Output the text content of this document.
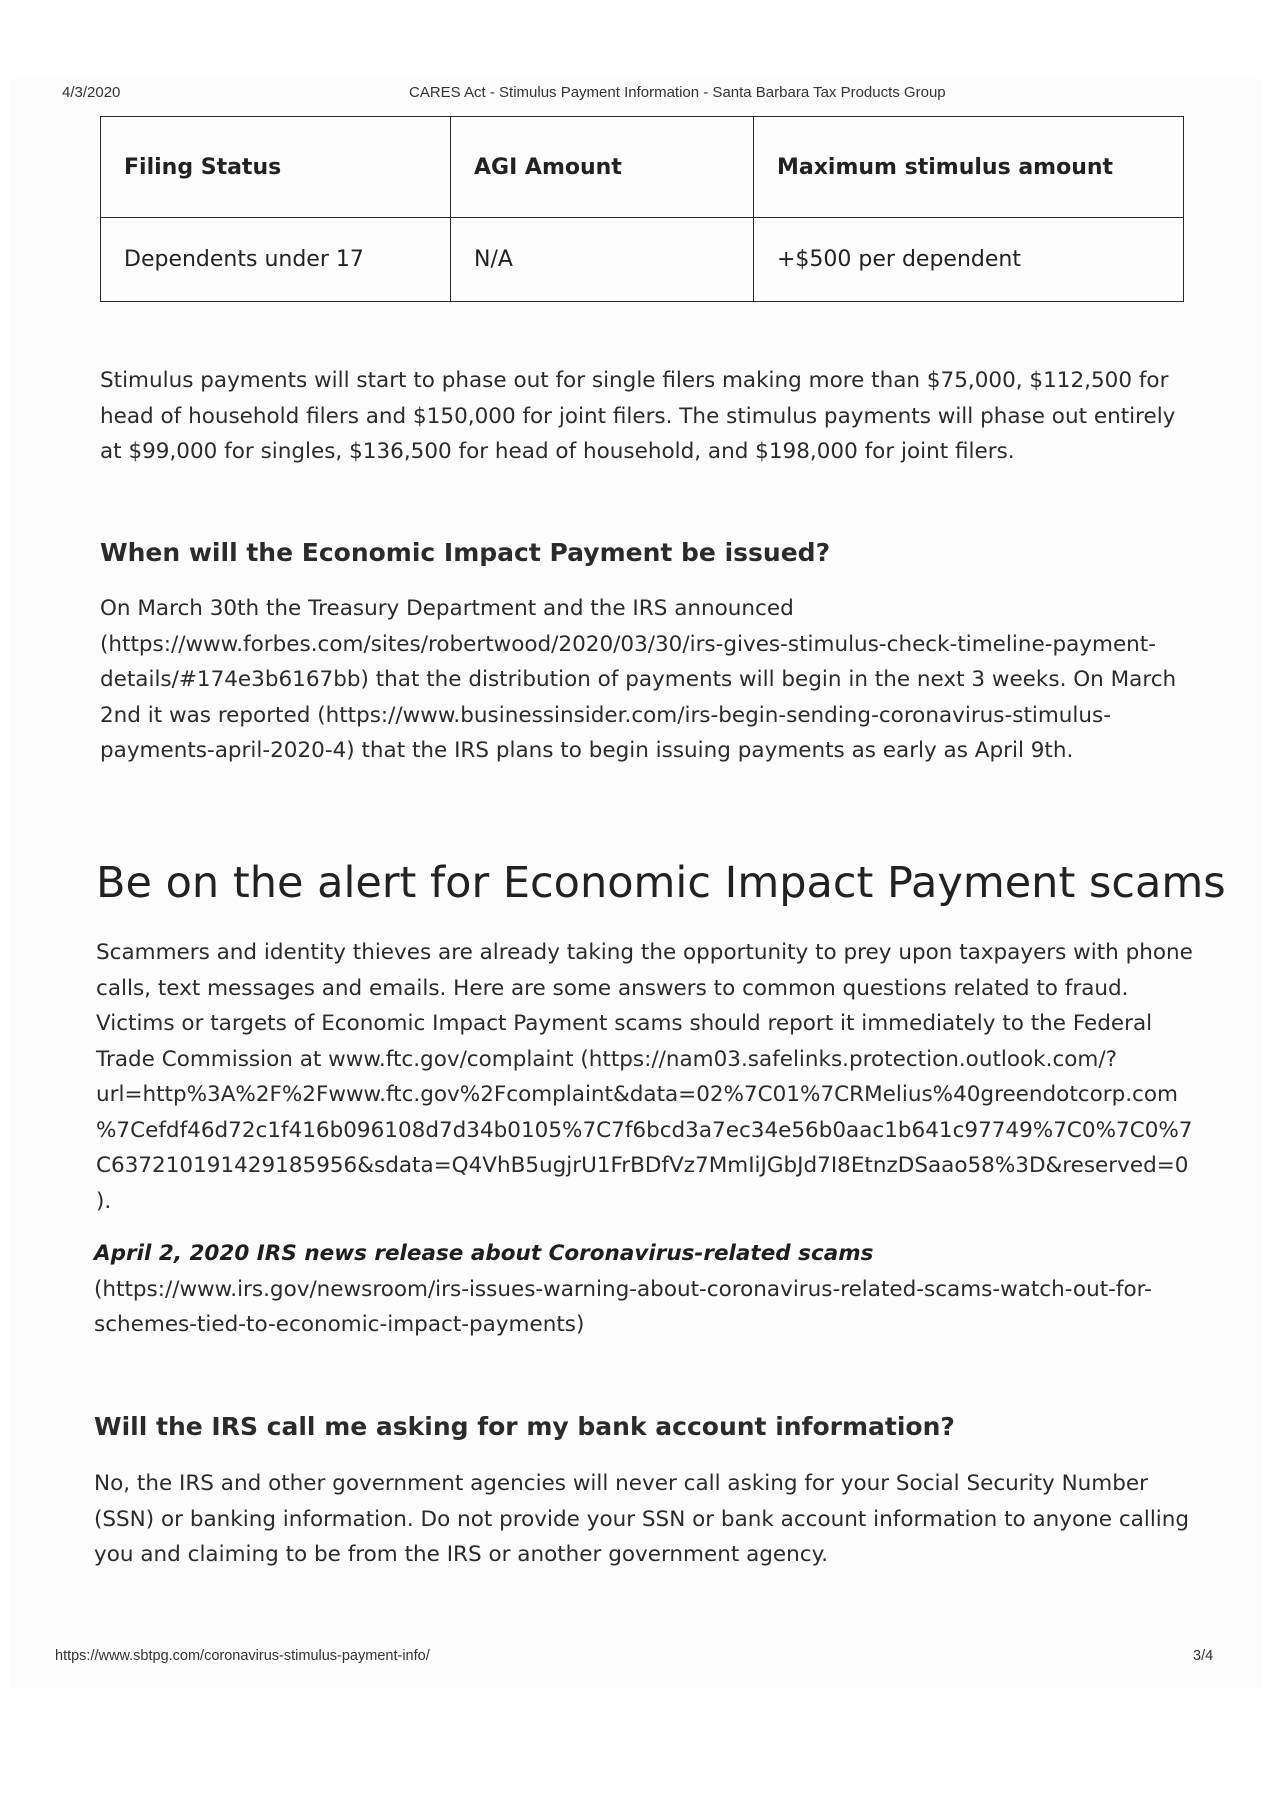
4/3/2020	CARES Act - Stimulus Payment Information - Santa Barbara Tax Products Group
Filing Status	AGI Amount	Maximum stimulus amount
Dependents under 17	N/A	+$500 per dependent

Stimulus payments will start to phase out for single filers making more than $75,000, $112,500 for head of household filers and $150,000 for joint filers. The stimulus payments will phase out entirely at $99,000 for singles, $136,500 for head of household, and $198,000 for joint filers.

When will the Economic Impact Payment be issued?

On March 30th the Treasury Department and the IRS announced (https://www.forbes.com/sites/robertwood/2020/03/30/irs-gives-stimulus-check-timeline-payment-details/#174e3b6167bb) that the distribution of payments will begin in the next 3 weeks. On March 2nd it was reported (https://www.businessinsider.com/irs-begin-sending-coronavirus-stimulus-payments-april-2020-4) that the IRS plans to begin issuing payments as early as April 9th.

Be on the alert for Economic Impact Payment scams

Scammers and identity thieves are already taking the opportunity to prey upon taxpayers with phone calls, text messages and emails. Here are some answers to common questions related to fraud. Victims or targets of Economic Impact Payment scams should report it immediately to the Federal Trade Commission at www.ftc.gov/complaint (https://nam03.safelinks.protection.outlook.com/?url=http%3A%2F%2Fwww.ftc.gov%2Fcomplaint&data=02%7C01%7CRMelius%40greendotcorp.com%7Cefdf46d72c1f416b096108d7d34b0105%7C7f6bcd3a7ec34e56b0aac1b641c97749%7C0%7C0%7C637210191429185956&sdata=Q4VhB5ugjrU1FrBDfVz7MmIiJGbJd7I8EtnzDSaao58%3D&reserved=0).

April 2, 2020 IRS news release about Coronavirus-related scams (https://www.irs.gov/newsroom/irs-issues-warning-about-coronavirus-related-scams-watch-out-for-schemes-tied-to-economic-impact-payments)

Will the IRS call me asking for my bank account information?

No, the IRS and other government agencies will never call asking for your Social Security Number (SSN) or banking information. Do not provide your SSN or bank account information to anyone calling you and claiming to be from the IRS or another government agency.

https://www.sbtpg.com/coronavirus-stimulus-payment-info/	3/4
